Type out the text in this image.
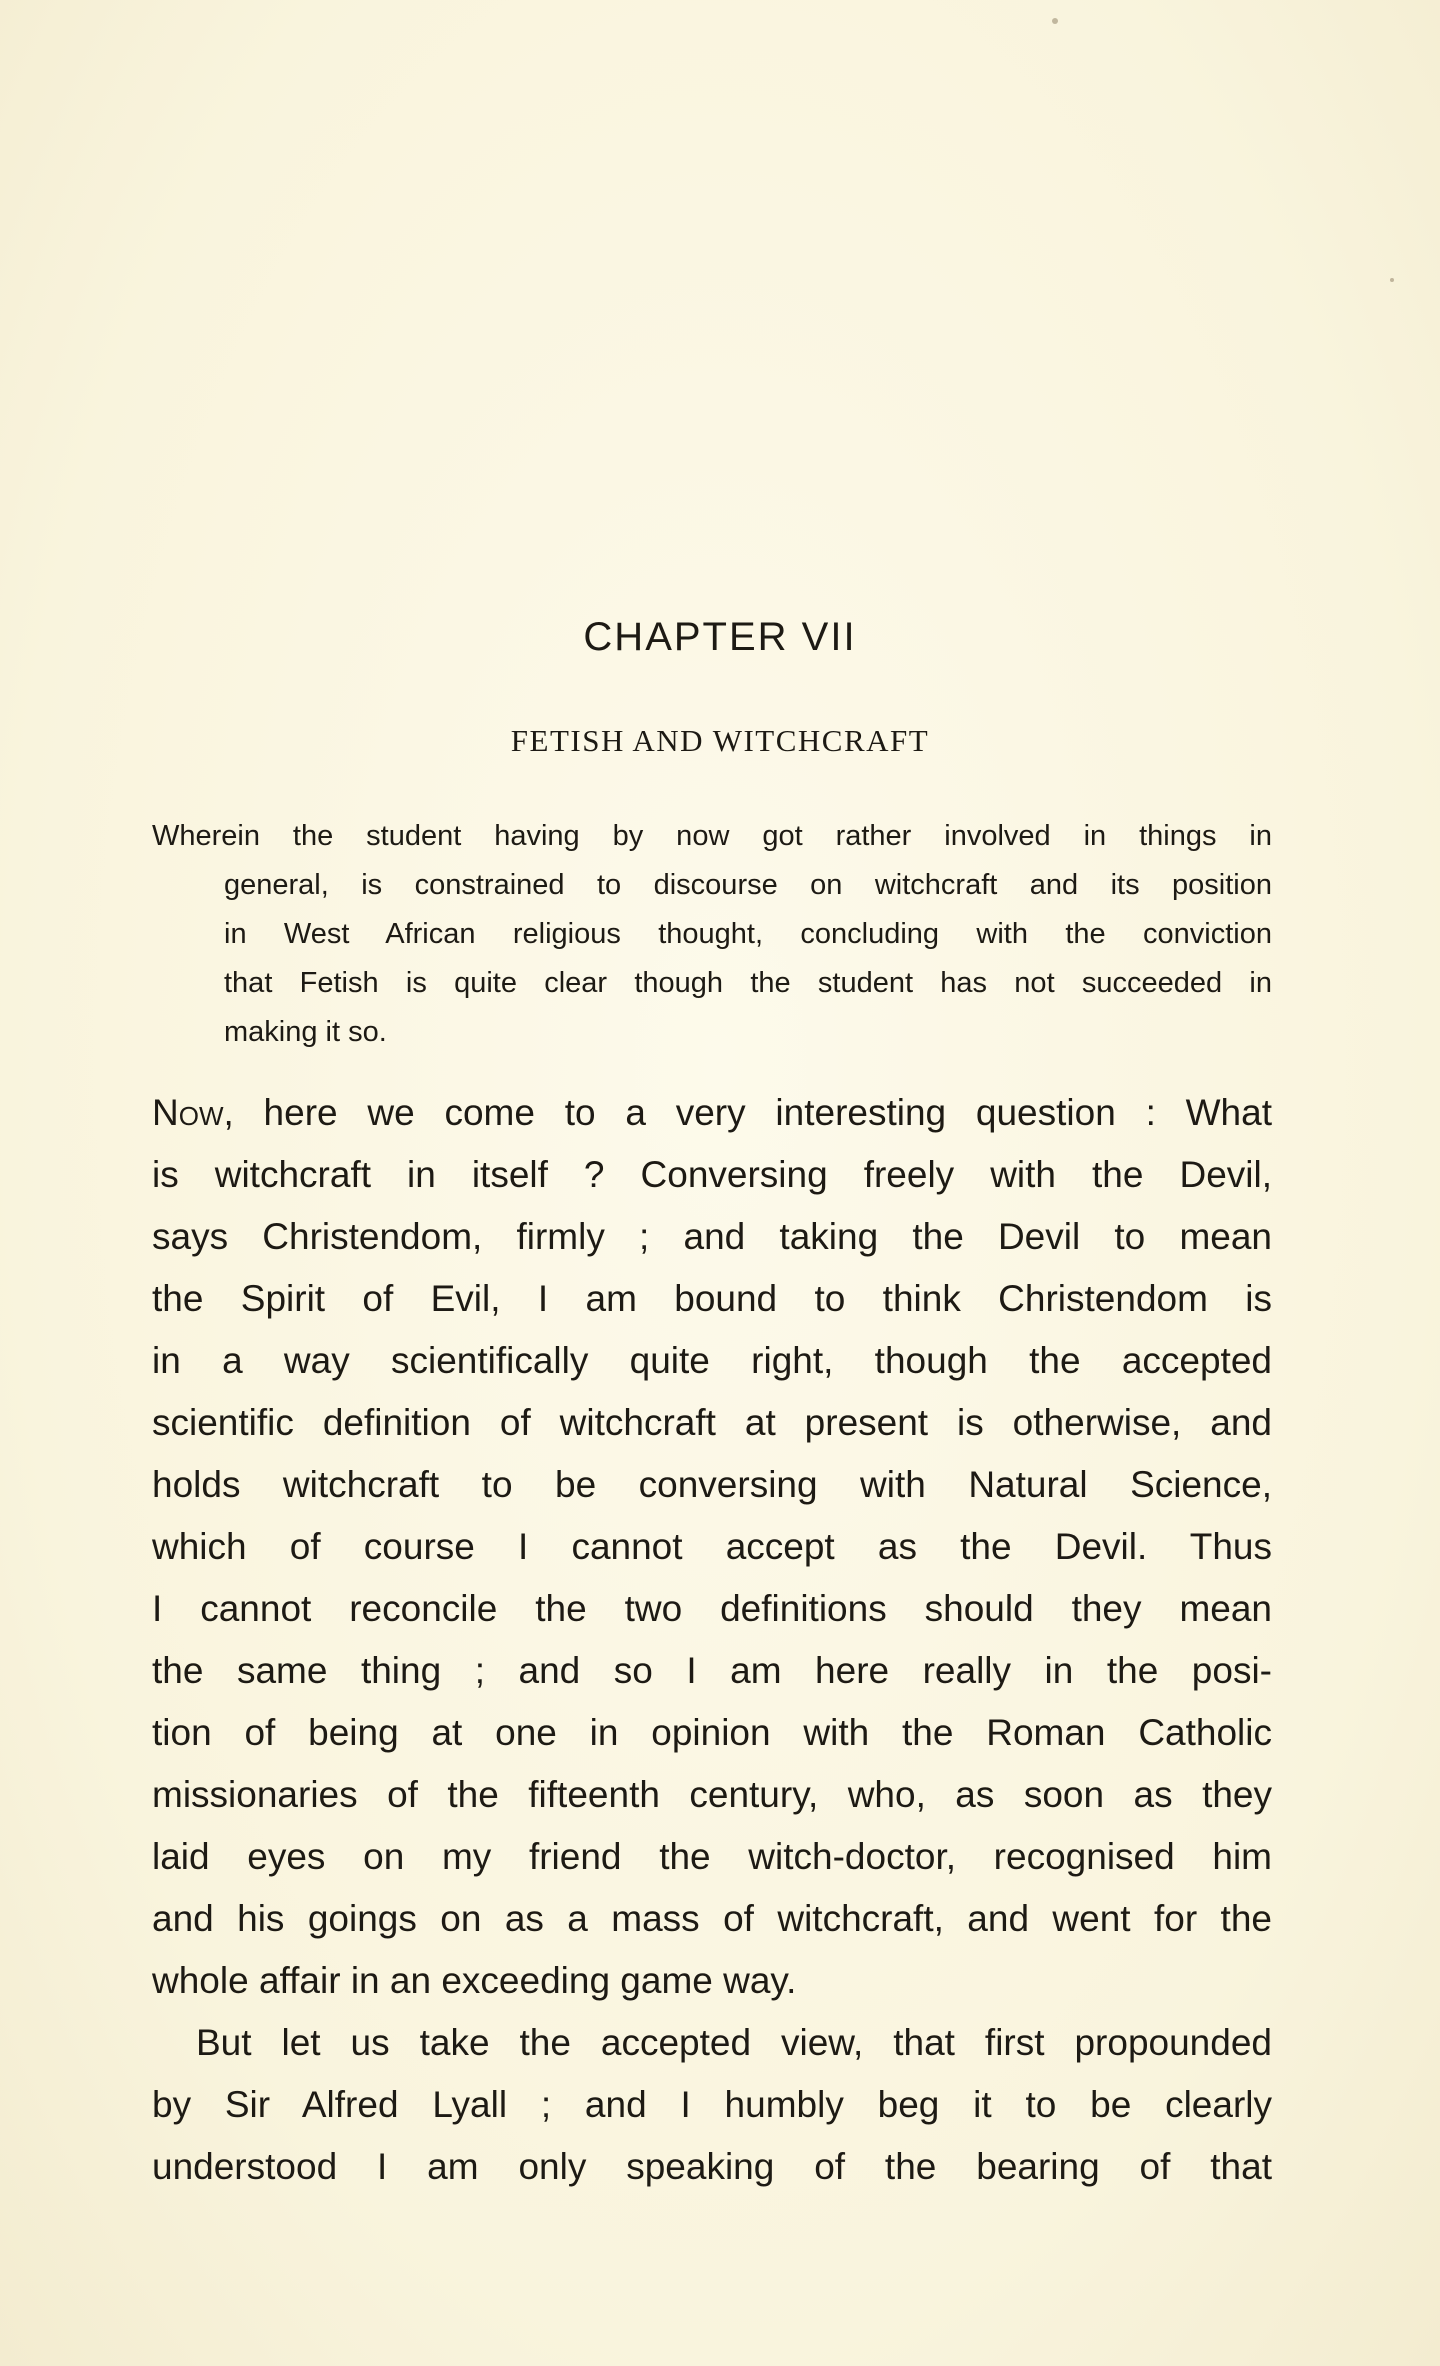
CHAPTER VII
FETISH AND WITCHCRAFT
Wherein the student having by now got rather involved in things in
general, is constrained to discourse on witchcraft and its position
in West African religious thought, concluding with the conviction
that Fetish is quite clear though the student has not succeeded in
making it so.
Now, here we come to a very interesting question : What
is witchcraft in itself ? Conversing freely with the Devil,
says Christendom, firmly ; and taking the Devil to mean
the Spirit of Evil, I am bound to think Christendom is
in a way scientifically quite right, though the accepted
scientific definition of witchcraft at present is otherwise, and
holds witchcraft to be conversing with Natural Science,
which of course I cannot accept as the Devil. Thus
I cannot reconcile the two definitions should they mean
the same thing ; and so I am here really in the posi-
tion of being at one in opinion with the Roman Catholic
missionaries of the fifteenth century, who, as soon as they
laid eyes on my friend the witch-doctor, recognised him
and his goings on as a mass of witchcraft, and went for the
whole affair in an exceeding game way.
But let us take the accepted view, that first propounded
by Sir Alfred Lyall ; and I humbly beg it to be clearly
understood I am only speaking of the bearing of that
